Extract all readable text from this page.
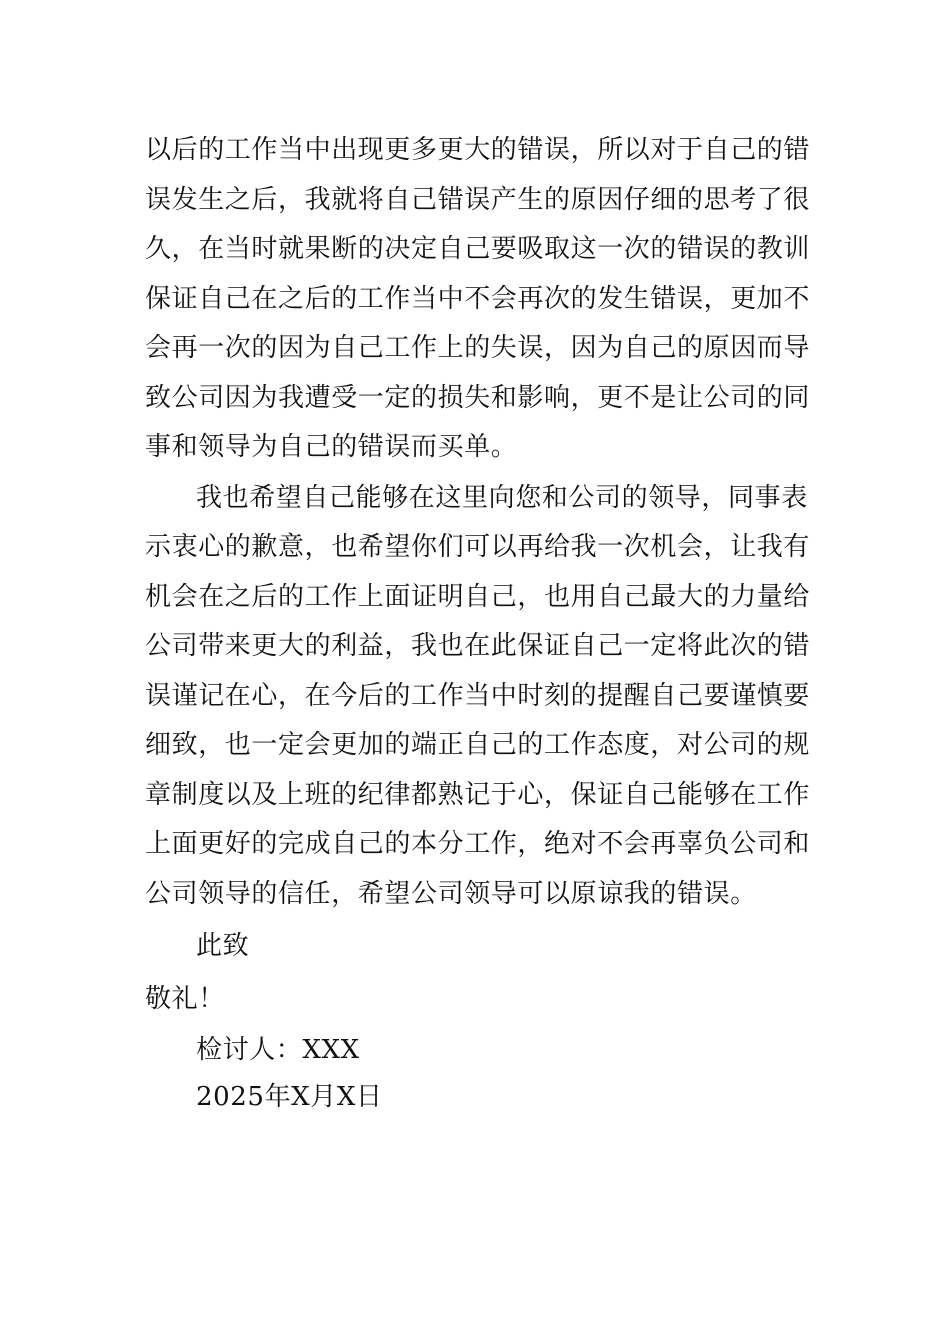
以后的工作当中出现更多更大的错误，所以对于自己的错
误发生之后，我就将自己错误产生的原因仔细的思考了很
久，在当时就果断的决定自己要吸取这一次的错误的教训
保证自己在之后的工作当中不会再次的发生错误，更加不
会再一次的因为自己工作上的失误，因为自己的原因而导
致公司因为我遭受一定的损失和影响，更不是让公司的同
事和领导为自己的错误而买单。
我也希望自己能够在这里向您和公司的领导，同事表
示衷心的歉意，也希望你们可以再给我一次机会，让我有
机会在之后的工作上面证明自己，也用自己最大的力量给
公司带来更大的利益，我也在此保证自己一定将此次的错
误谨记在心，在今后的工作当中时刻的提醒自己要谨慎要
细致，也一定会更加的端正自己的工作态度，对公司的规
章制度以及上班的纪律都熟记于心，保证自己能够在工作
上面更好的完成自己的本分工作，绝对不会再辜负公司和
公司领导的信任，希望公司领导可以原谅我的错误。
此致
敬礼！
检讨人：XXX
2025年X月X日
